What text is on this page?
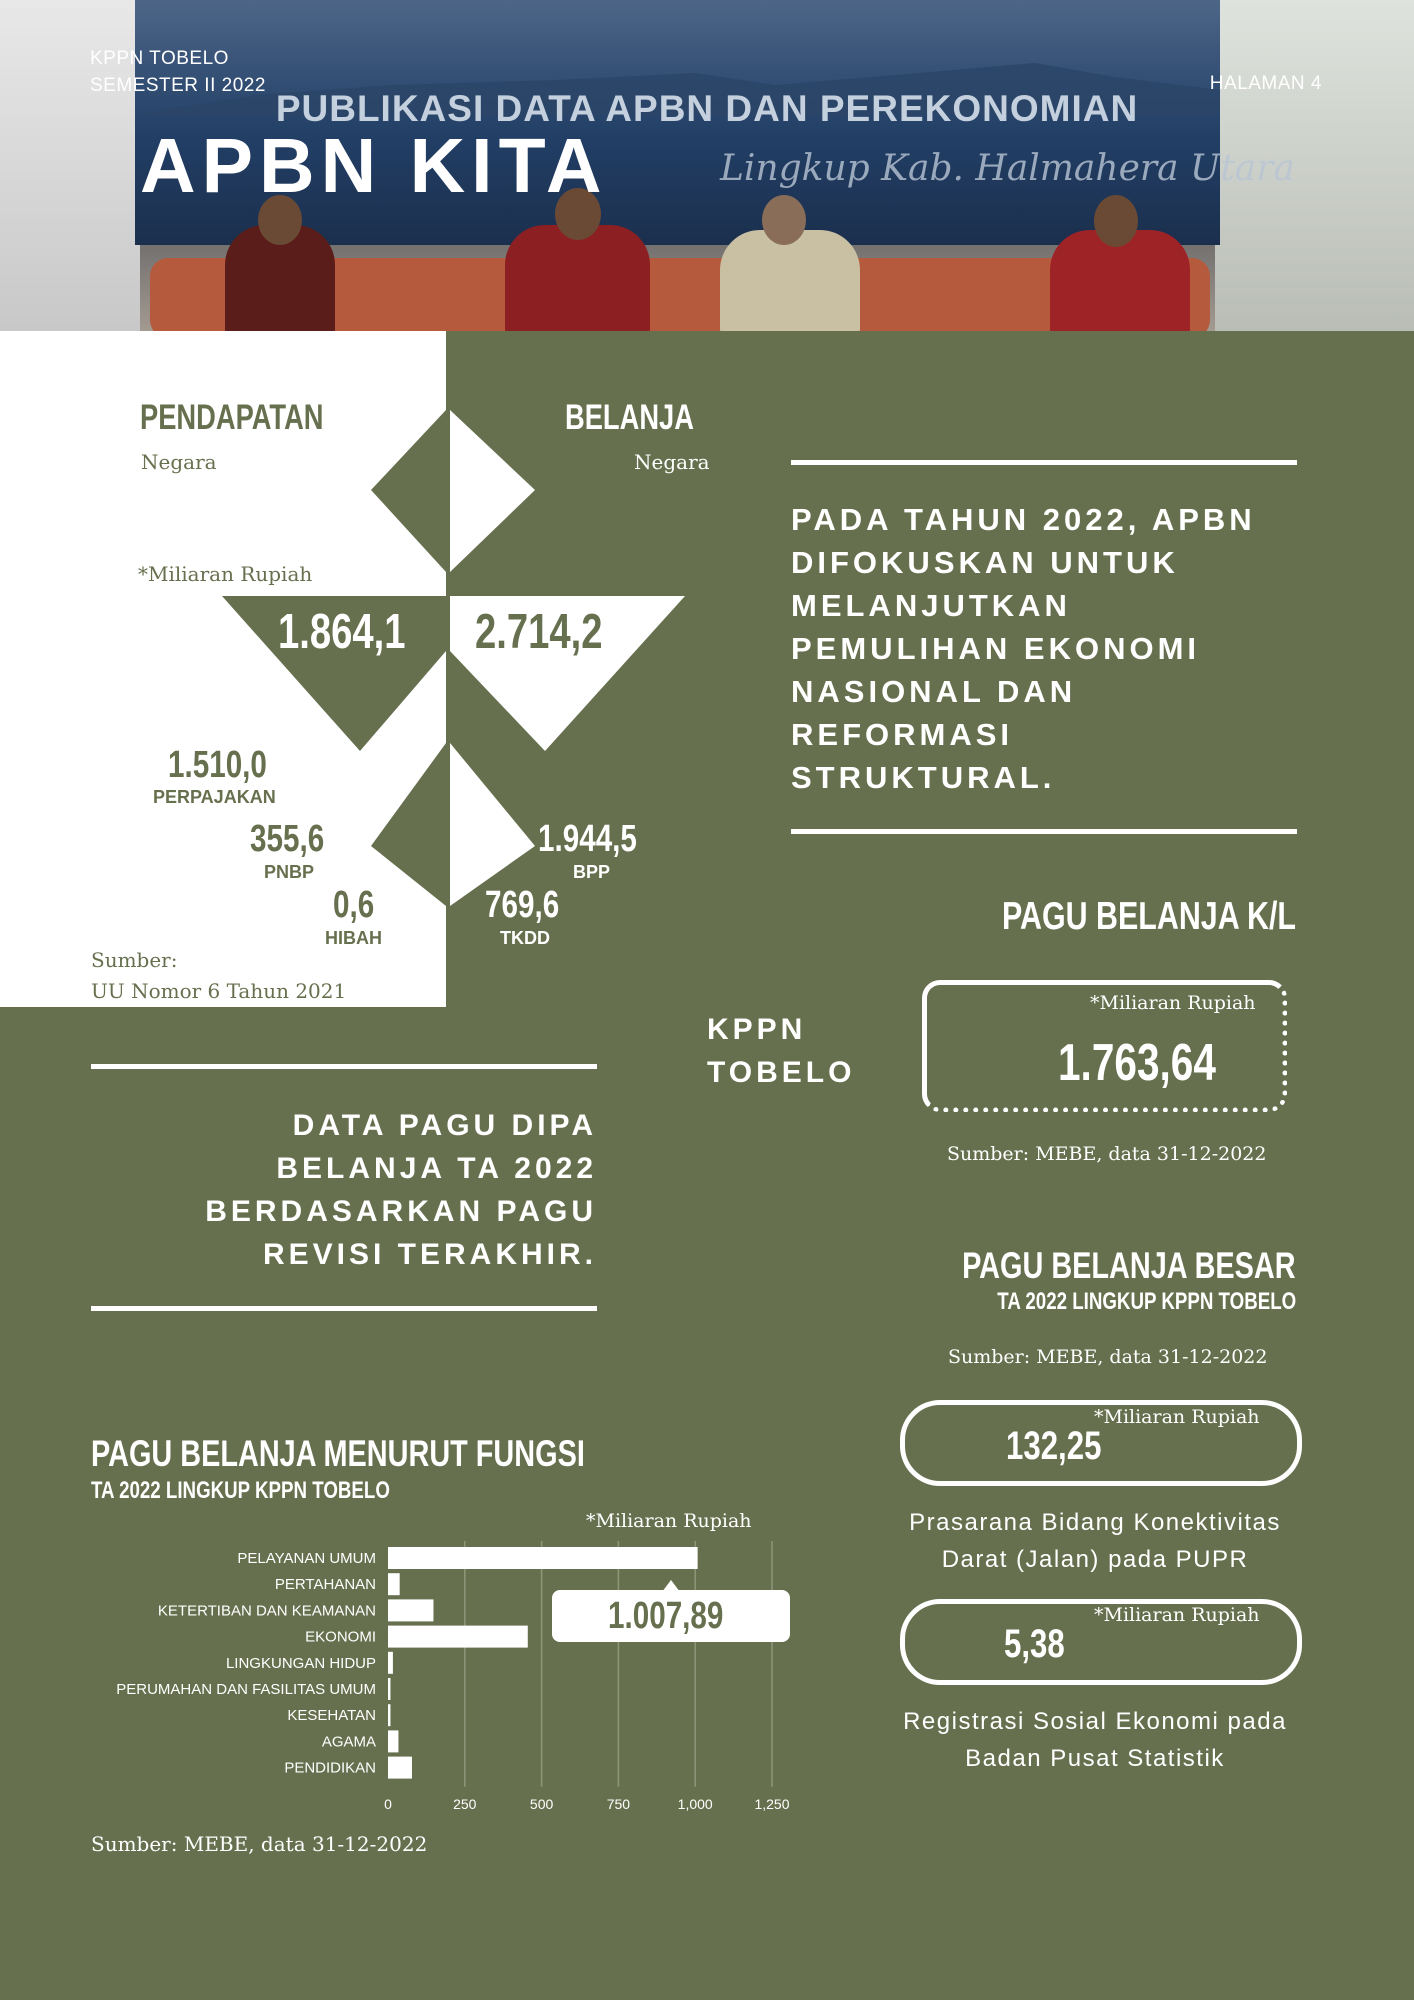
PUBLIKASI DATA APBN DAN PEREKONOMIAN
Lingkup Kab. Halmahera Utara
KPPN TOBELO
SEMESTER II 2022	HALAMAN 4
APBN KITA
PENDAPATAN
Negara
BELANJA
Negara
*Miliaran Rupiah
1.864,1	2.714,2
1.510,0
PERPAJAKAN
355,6
PNBP
0,6
HIBAH
1.944,5
BPP
769,6
TKDD
Sumber:
UU Nomor 6 Tahun 2021
PADA TAHUN 2022, APBN
DIFOKUSKAN UNTUK
MELANJUTKAN
PEMULIHAN EKONOMI
NASIONAL DAN
REFORMASI
STRUKTURAL.
PAGU BELANJA K/L
KPPN
TOBELO
*Miliaran Rupiah
1.763,64
Sumber: MEBE, data 31-12-2022
DATA PAGU DIPA
BELANJA TA 2022
BERDASARKAN PAGU
REVISI TERAKHIR.	PAGU BELANJA BESAR
TA 2022 LINGKUP KPPN TOBELO
Sumber: MEBE, data 31-12-2022
*Miliaran Rupiah
132,25
Prasarana Bidang Konektivitas
Darat (Jalan) pada PUPR
*Miliaran Rupiah
5,38
Registrasi Sosial Ekonomi pada
Badan Pusat Statistik
PAGU BELANJA MENURUT FUNGSI
TA 2022 LINGKUP KPPN TOBELO
*Miliaran Rupiah
0	250	500	750	1,000	1,250
PELAYANAN UMUM
PERTAHANAN
KETERTIBAN DAN KEAMANAN
EKONOMI
LINGKUNGAN HIDUP
PERUMAHAN DAN FASILITAS UMUM
KESEHATAN
AGAMA
PENDIDIKAN
1.007,89
Sumber: MEBE, data 31-12-2022
